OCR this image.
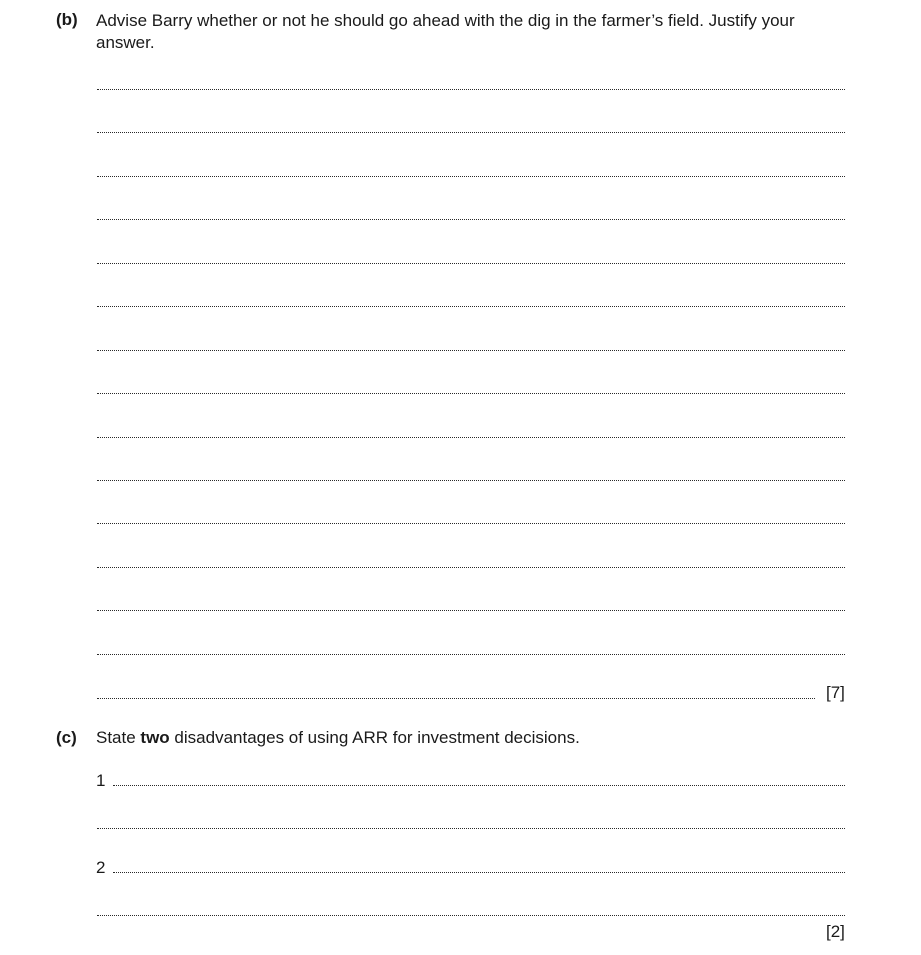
(b) Advise Barry whether or not he should go ahead with the dig in the farmer’s field. Justify your
answer.
[7]
(c) State two disadvantages of using ARR for investment decisions.
1
2
[2]
